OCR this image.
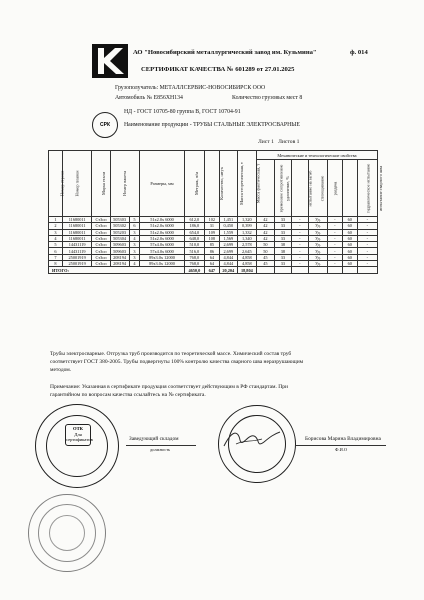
АО "Новосибирский металлургический завод им. Кузьмина"	ф. 014
СЕРТИФИКАТ КАЧЕСТВА № 601289 от 27.01.2025
Грузополучатель: МЕТАЛЛСЕРВИС-НОВОСИБИРСК ООО
Автомобиль № E856XH134	Количество грузовых мест 8
СРК
НД - ГОСТ 10705-80 группа В, ГОСТ 10704-91
Наименование продукции - ТРУБЫ СТАЛЬНЫЕ ЭЛЕКТРОСВАРНЫЕ
Лист 1 Листов 1
Номер строки	Номер плавки	Марка стали	Номер пакета		Размеры, мм	Метраж, п/м	Количество, штук	Масса теоретическая, т	Масса фактическая, т	Механические и технологические свойства						
										временное сопротивление	удлинение, %	испытание на загиб	сплющивание	раздача	гидравлическое испытание	испытание сварного шва
1	11680011	Ст3сп	505303	5	51х2.0х 6000	612,0	102	1,451	1,320	42	33	-	Уд.	-	60	-
2	11680011	Ст3сп	505302	6	51х2.0х 6000	186,0	31	0,450	0,399	42	33	-	Уд.	-	60	-
3	11680011	Ст3сп	505203	3	51х2.0х 6000	654,0	109	1,559	1,332	42	33	-	Уд.	-	60	-
4	11680011	Ст3сп	505304	4	51х2.0х 6000	648,0	108	1,569	1,340	42	33	-	Уд.	-	60	-
5	14431119	Ст3сп	509603	3	57х4.0х 6000	510,0	85	2,699	2,578	50	38	-	Уд.	-	60	-
6	14431119	Ст3сп	509603	3	57х4.0х 6000	516,0	86	2,699	2,645	50	38	-	Уд.	-	60	-
7	25001919	Ст3сп	208194	3	89х3.0х 12000	768,0	64	4,844	4,858	45	33	-	Уд.	-	60	-
8	25001919	Ст3сп	208194	4	89х3.0х 12000	768,0	64	4,844	4,858	45	33	-	Уд.	-	60	-
ИТОГО:						4650,0	647	20,204	18,804							
Трубы электросварные. Отгрузка труб производится по теоретической массе. Химический состав труб
соответствует ГОСТ 380-2005. Трубы подвергнуты 100% контролю качества сварного шва неразрушающим
методом.
Примечание: Указанная в сертификате продукция соответствует действующим в РФ стандартам. При
гарантийном по вопросам качества ссылайтесь на № сертификата.
ОТК
Для
сертификатов	Заведующий складом
должность
Борисова Марина Владимировна
Ф.И.О
